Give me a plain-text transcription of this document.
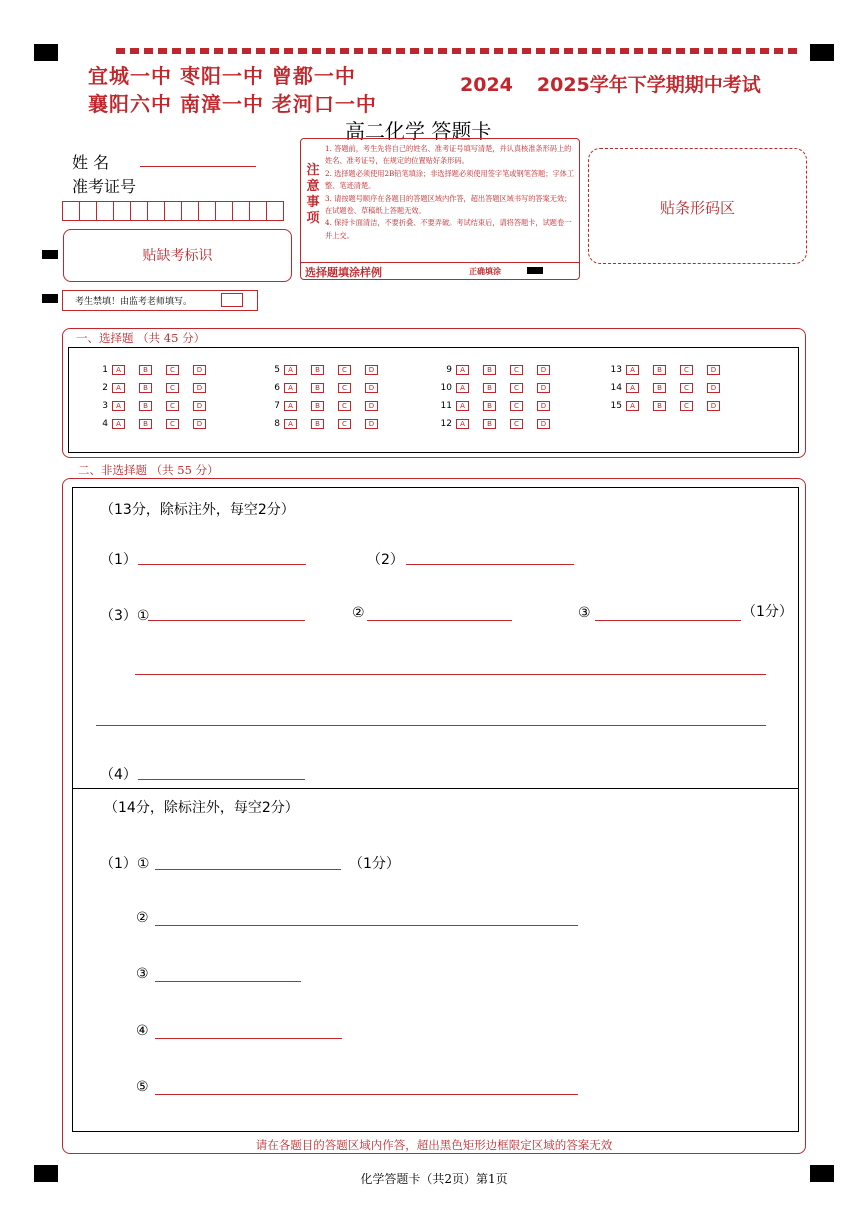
宜城一中 枣阳一中 曾都一中
襄阳六中 南漳一中 老河口一中
2024 2025学年下学期期中考试
高二化学 答题卡
姓 名
准考证号
贴缺考标识
考生禁填！由监考老师填写。
注意事项
1. 答题前，考生先将自己的姓名、准考证号填写清楚，并认真核准条形码上的姓名、准考证号，在规定的位置贴好条形码。
2. 选择题必须使用2B铅笔填涂；非选择题必须使用签字笔或钢笔答题；字体工整、笔迹清楚。
3. 请按题号顺序在各题目的答题区域内作答，超出答题区域书写的答案无效；在试题卷、草稿纸上答题无效。
4. 保持卡面清洁，不要折叠、不要弄破。考试结束后，请将答题卡，试题卷一并上交。
选择题填涂样例	正确填涂
贴条形码区
一、选择题 （共 45 分）
1	A	B	C	D
2	A	B	C	D
3	A	B	C	D
4	A	B	C	D
5	A	B	C	D
6	A	B	C	D
7	A	B	C	D
8	A	B	C	D
9	A	B	C	D
10	A	B	C	D
11	A	B	C	D
12	A	B	C	D
13	A	B	C	D
14	A	B	C	D
15	A	B	C	D
二、非选择题 （共 55 分）
（13分，除标注外，每空2分）
（1）	（2）
（3）①	②	③	（1分）
（4）
（14分，除标注外，每空2分）
（1）①	（1分）
②
③
④
⑤
请在各题目的答题区域内作答，超出黑色矩形边框限定区域的答案无效
化学答题卡（共2页）第1页
